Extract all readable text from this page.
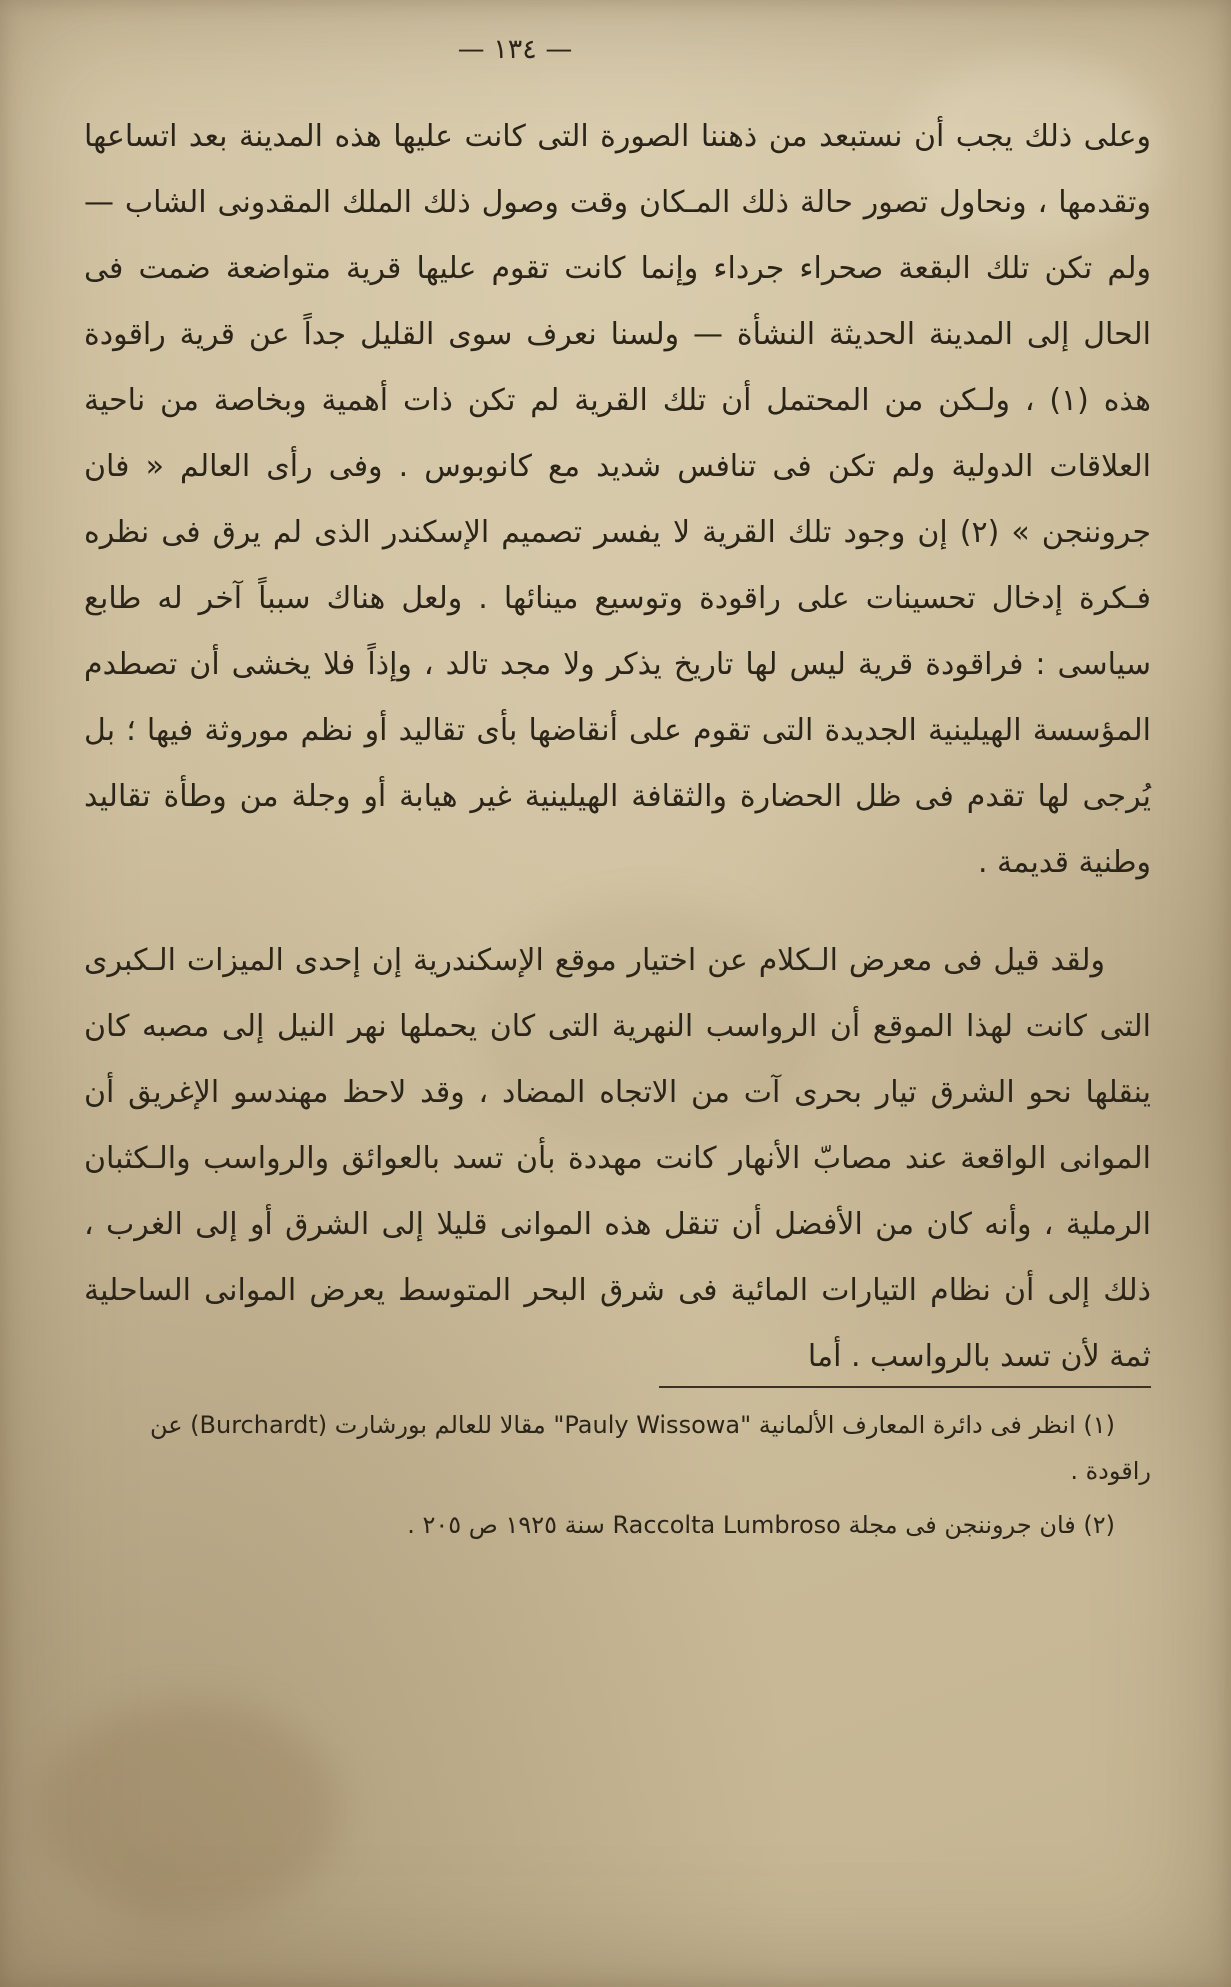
— ١٣٤ —

وعلى ذلك يجب أن نستبعد من ذهننا الصورة التى كانت عليها هذه المدينة بعد اتساعها وتقدمها ، ونحاول تصور حالة ذلك المـكان وقت وصول ذلك الملك المقدونى الشاب — ولم تكن تلك البقعة صحراء جرداء وإنما كانت تقوم عليها قرية متواضعة ضمت فى الحال إلى المدينة الحديثة النشأة — ولسنا نعرف سوى القليل جداً عن قرية راقودة هذه (١) ، ولـكن من المحتمل أن تلك القرية لم تكن ذات أهمية وبخاصة من ناحية العلاقات الدولية ولم تكن فى تنافس شديد مع كانوبوس . وفى رأى العالم « فان جروننجن » (٢) إن وجود تلك القرية لا يفسر تصميم الإسكندر الذى لم يرق فى نظره فـكرة إدخال تحسينات على راقودة وتوسيع مينائها . ولعل هناك سبباً آخر له طابع سياسى : فراقودة قرية ليس لها تاريخ يذكر ولا مجد تالد ، وإذاً فلا يخشى أن تصطدم المؤسسة الهيلينية الجديدة التى تقوم على أنقاضها بأى تقاليد أو نظم موروثة فيها ؛ بل يُرجى لها تقدم فى ظل الحضارة والثقافة الهيلينية غير هيابة أو وجلة من وطأة تقاليد وطنية قديمة .

ولقد قيل فى معرض الـكلام عن اختيار موقع الإسكندرية إن إحدى الميزات الـكبرى التى كانت لهذا الموقع أن الرواسب النهرية التى كان يحملها نهر النيل إلى مصبه كان ينقلها نحو الشرق تيار بحرى آت من الاتجاه المضاد ، وقد لاحظ مهندسو الإغريق أن الموانى الواقعة عند مصابّ الأنهار كانت مهددة بأن تسد بالعوائق والرواسب والـكثبان الرملية ، وأنه كان من الأفضل أن تنقل هذه الموانى قليلا إلى الشرق أو إلى الغرب ، ذلك إلى أن نظام التيارات المائية فى شرق البحر المتوسط يعرض الموانى الساحلية ثمة لأن تسد بالرواسب . أما

(١) انظر فى دائرة المعارف الألمانية "Pauly Wissowa" مقالا للعالم بورشارت (Burchardt) عن راقودة .
(٢) فان جروننجن فى مجلة Raccolta Lumbroso سنة ١٩٢٥ ص ٢٠٥ .
